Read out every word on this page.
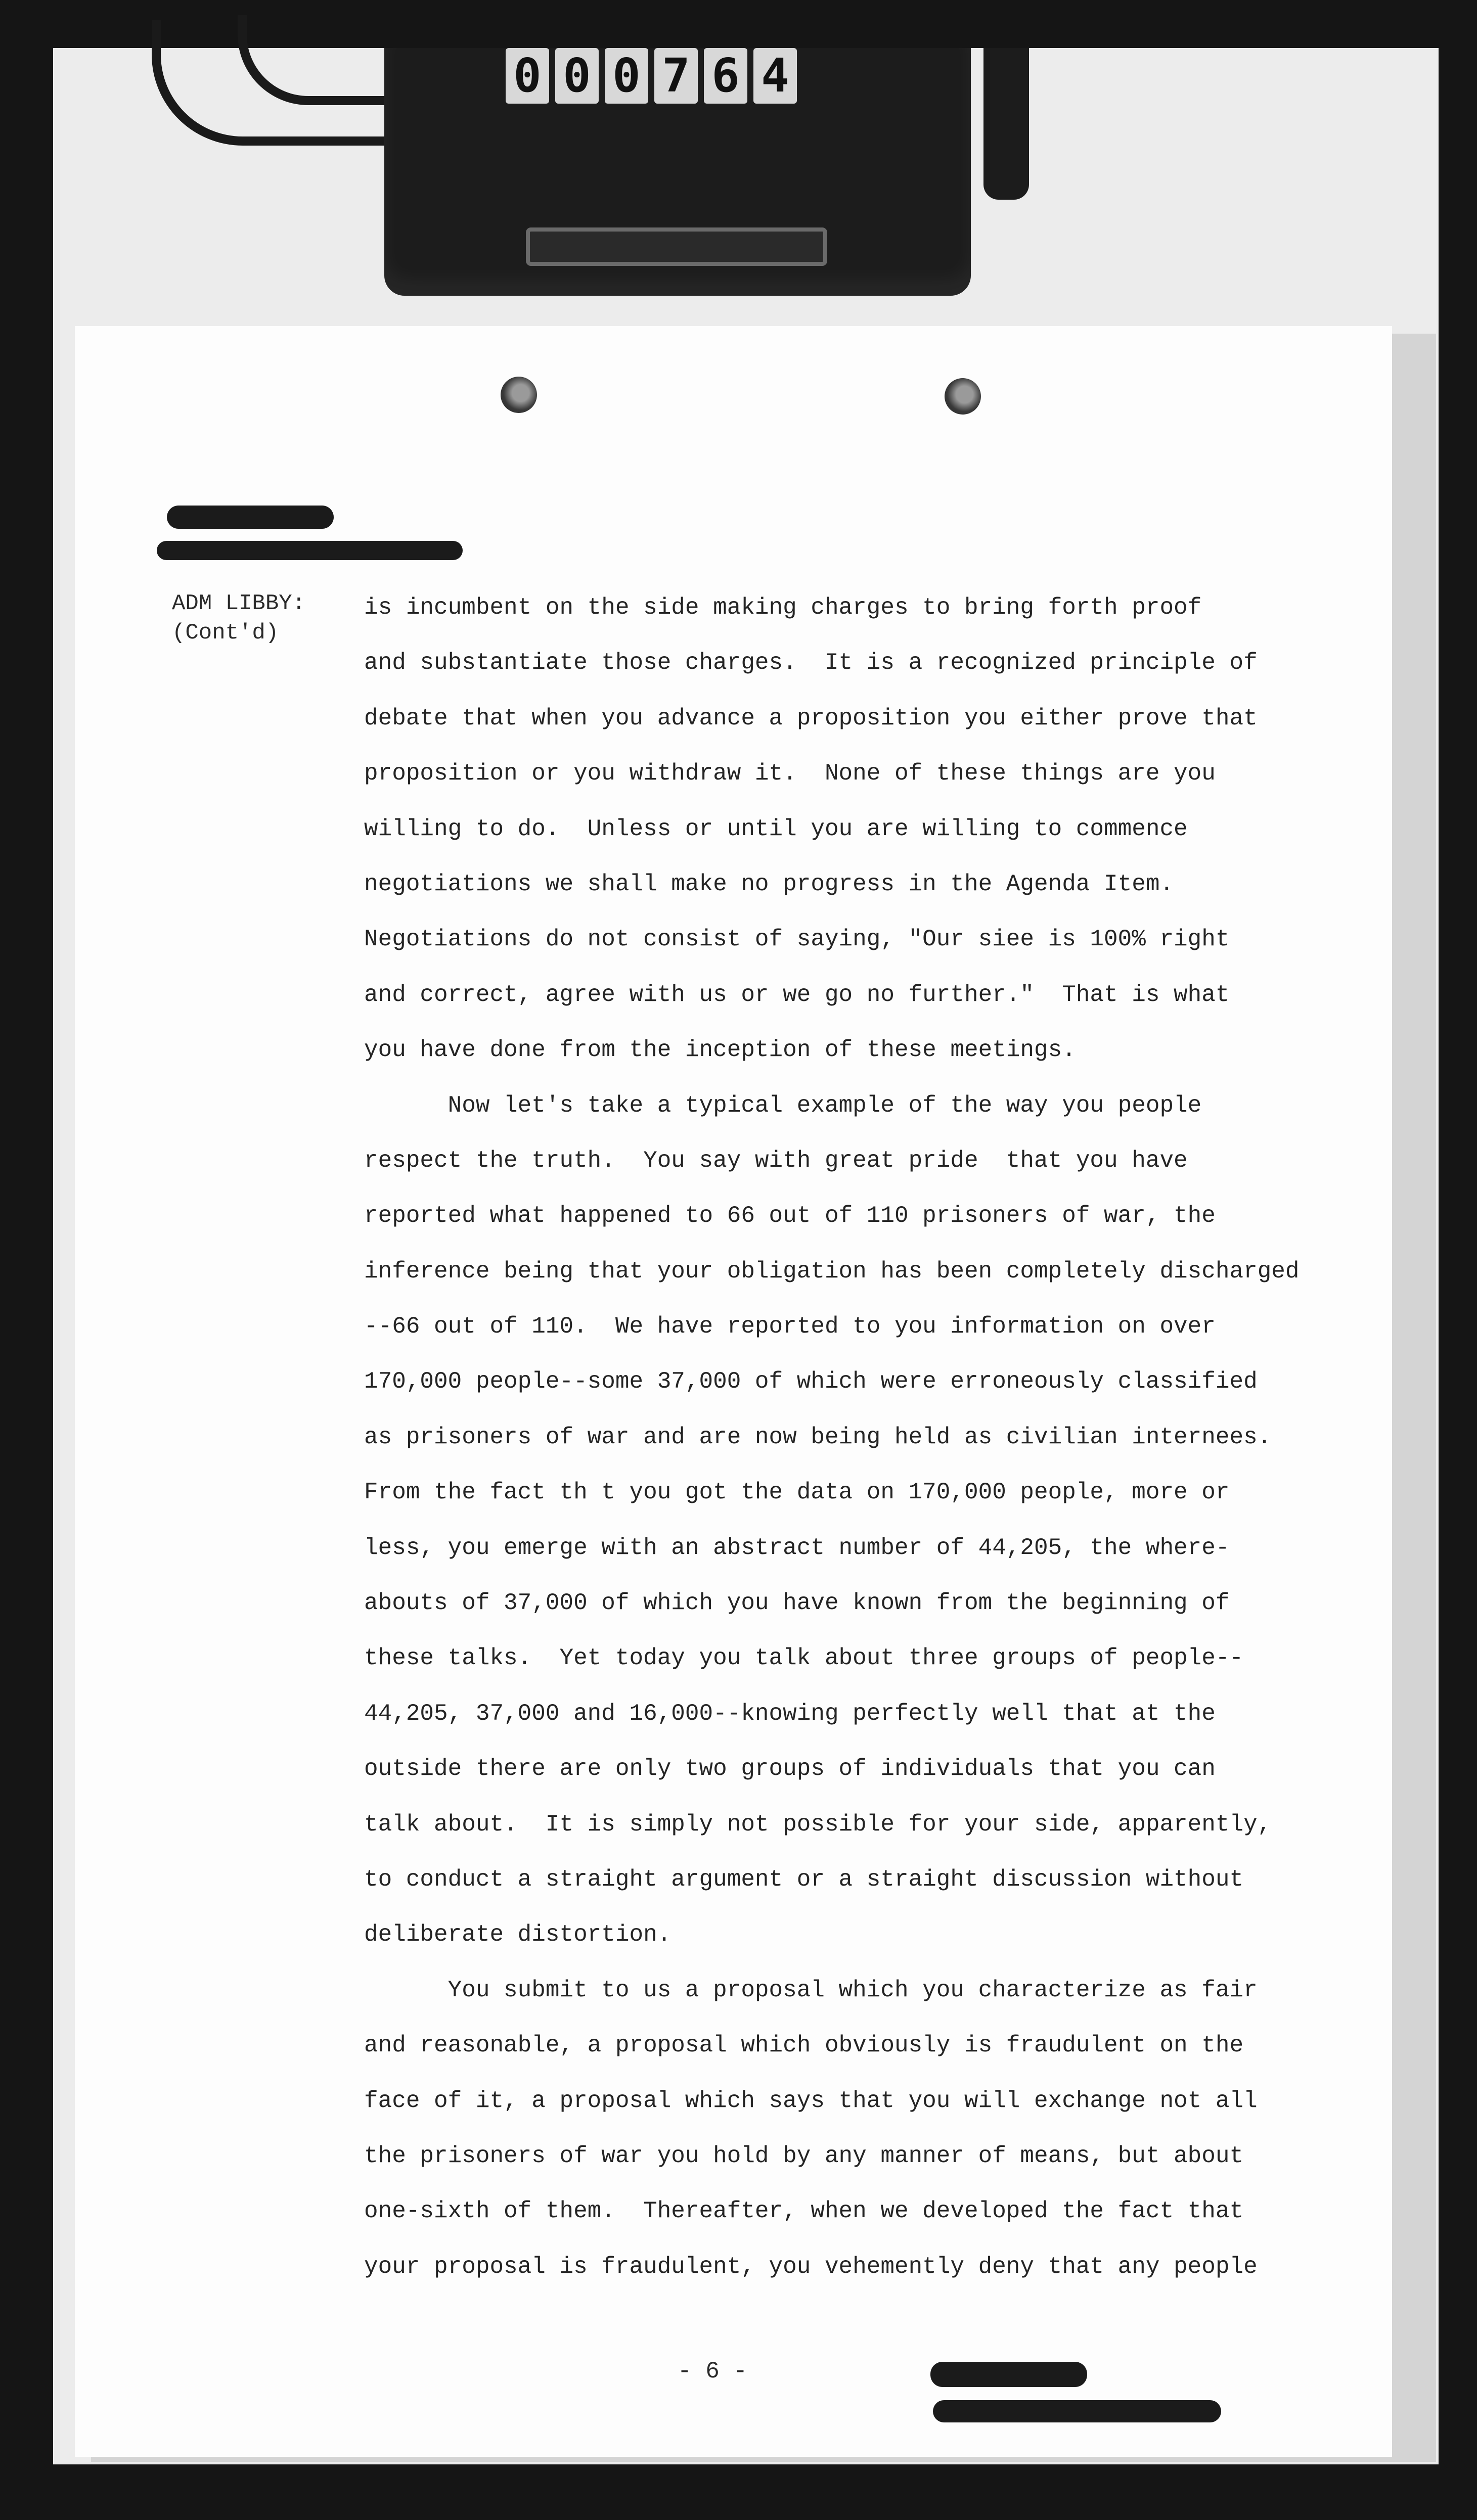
0 0 0 7 6 4
ADM LIBBY:
(Cont'd)
is incumbent on the side making charges to bring forth proof
and substantiate those charges.  It is a recognized principle of
debate that when you advance a proposition you either prove that
proposition or you withdraw it.  None of these things are you
willing to do.  Unless or until you are willing to commence
negotiations we shall make no progress in the Agenda Item.
Negotiations do not consist of saying, "Our siee is 100% right
and correct, agree with us or we go no further."  That is what
you have done from the inception of these meetings.
Now let's take a typical example of the way you people
respect the truth.  You say with great pride  that you have
reported what happened to 66 out of 110 prisoners of war, the
inference being that your obligation has been completely discharged
--66 out of 110.  We have reported to you information on over
170,000 people--some 37,000 of which were erroneously classified
as prisoners of war and are now being held as civilian internees.
From the fact th t you got the data on 170,000 people, more or
less, you emerge with an abstract number of 44,205, the where-
abouts of 37,000 of which you have known from the beginning of
these talks.  Yet today you talk about three groups of people--
44,205, 37,000 and 16,000--knowing perfectly well that at the
outside there are only two groups of individuals that you can
talk about.  It is simply not possible for your side, apparently,
to conduct a straight argument or a straight discussion without
deliberate distortion.
You submit to us a proposal which you characterize as fair
and reasonable, a proposal which obviously is fraudulent on the
face of it, a proposal which says that you will exchange not all
the prisoners of war you hold by any manner of means, but about
one-sixth of them.  Thereafter, when we developed the fact that
your proposal is fraudulent, you vehemently deny that any people
- 6 -
